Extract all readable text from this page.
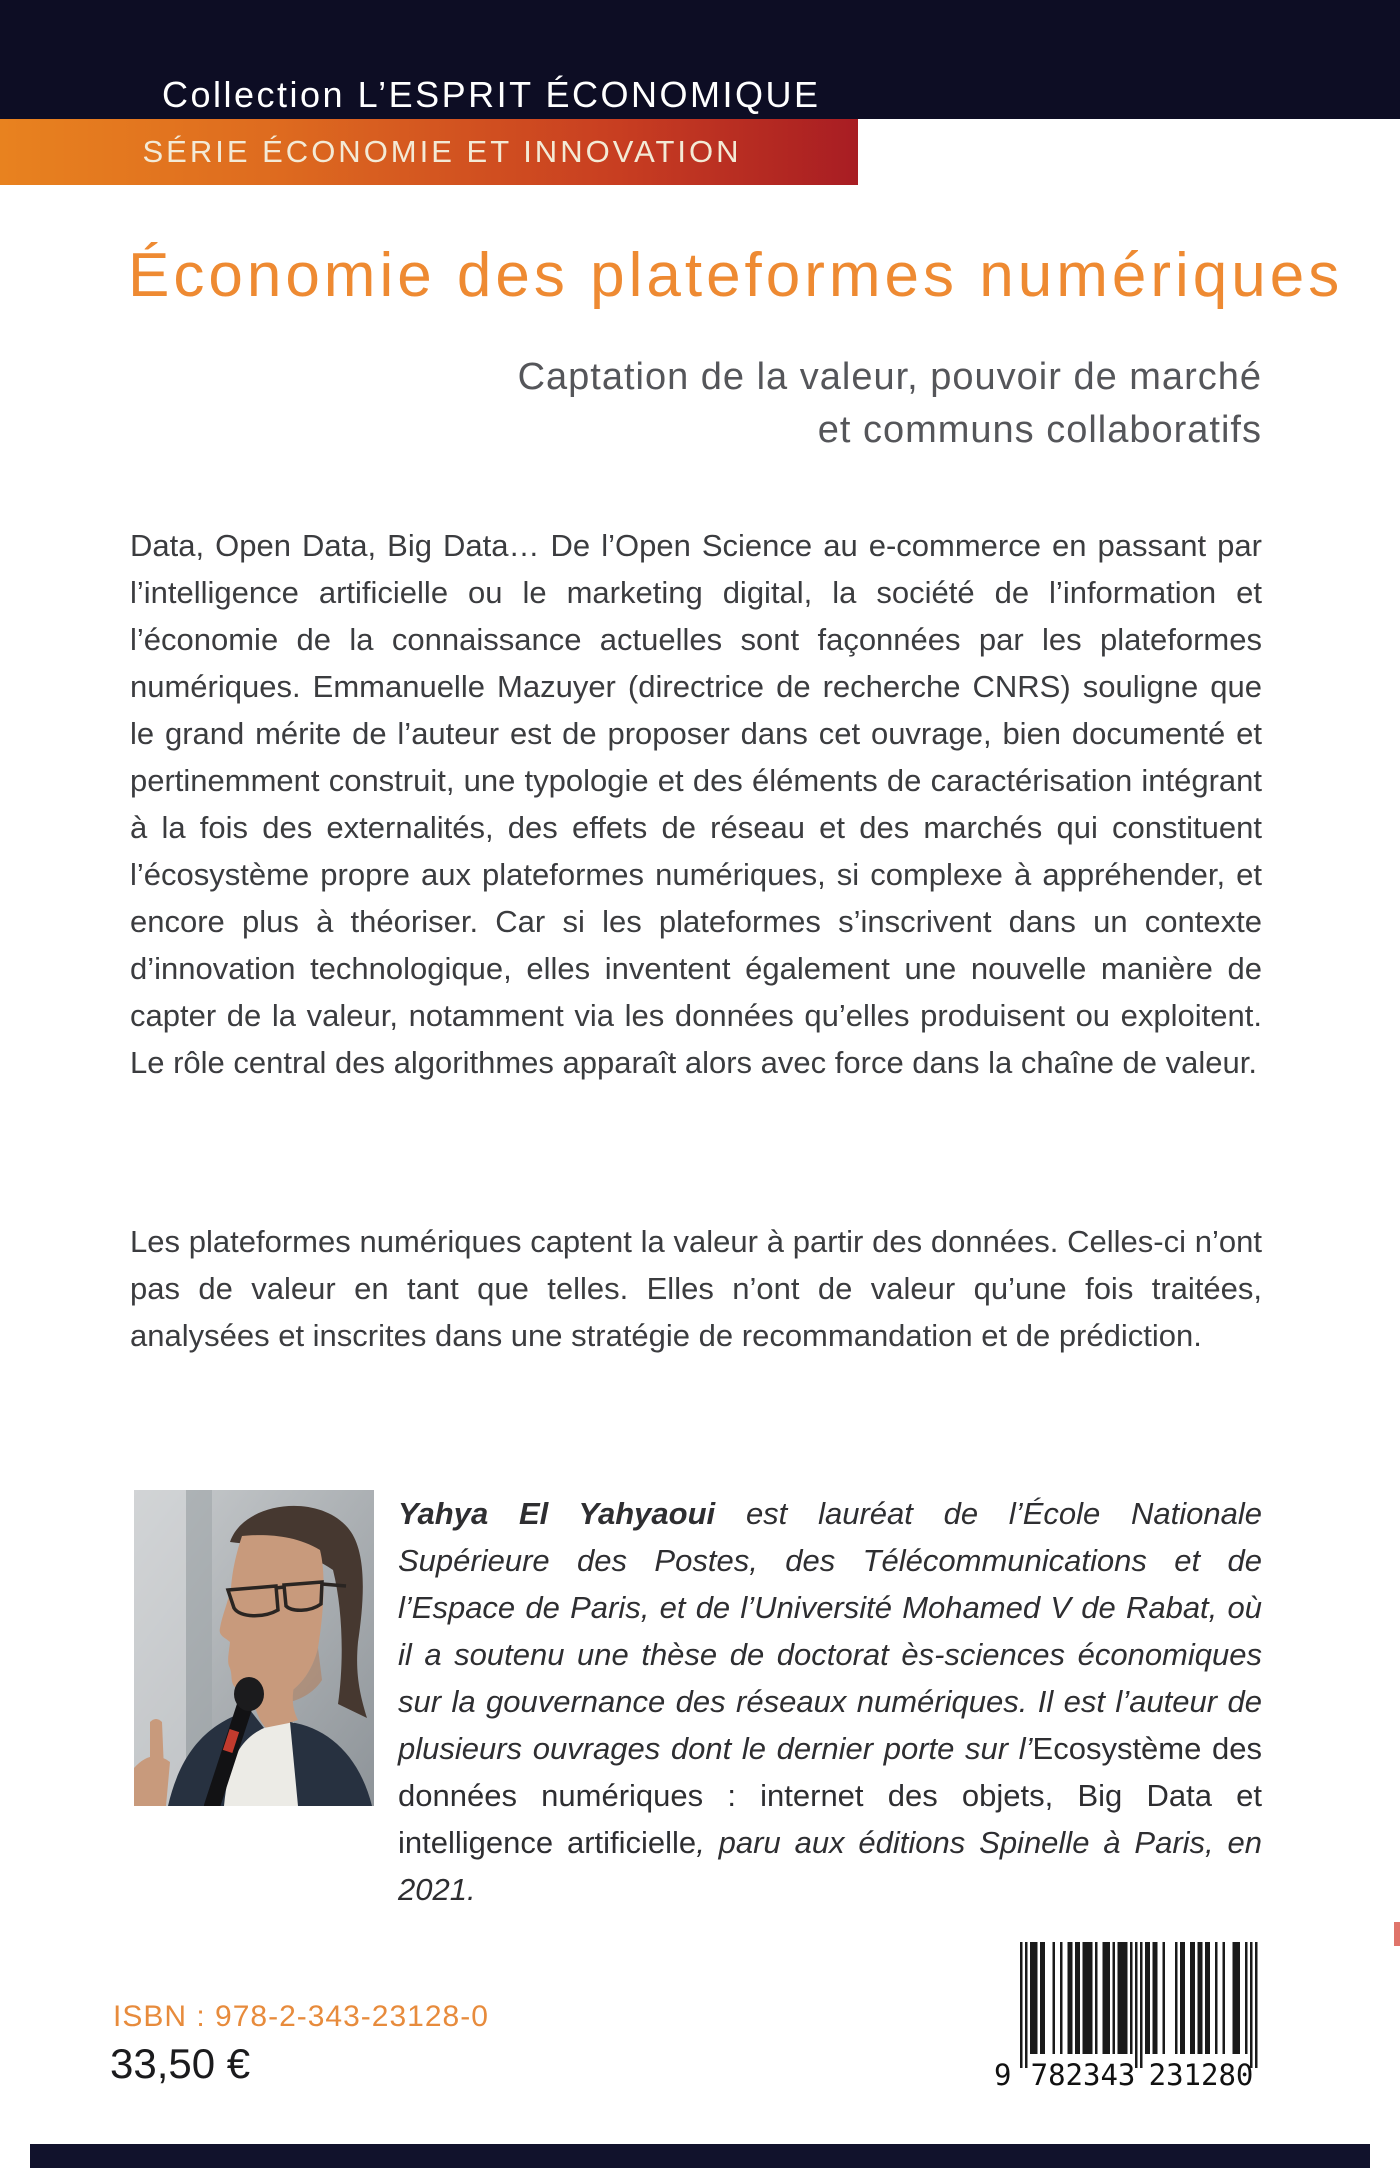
Collection L’ESPRIT ÉCONOMIQUE
SÉRIE ÉCONOMIE ET INNOVATION
Économie des plateformes numériques
Captation de la valeur, pouvoir de marché
et communs collaboratifs
Data, Open Data, Big Data… De l’Open Science au e-commerce en passant par l’intelligence artificielle ou le marketing digital, la société de l’information et l’économie de la connaissance actuelles sont façonnées par les plateformes numériques. Emmanuelle Mazuyer (directrice de recherche CNRS) souligne que le grand mérite de l’auteur est de proposer dans cet ouvrage, bien documenté et pertinemment construit, une typologie et des éléments de caractérisation intégrant à la fois des externalités, des effets de réseau et des marchés qui constituent l’écosystème propre aux plateformes numériques, si complexe à appréhender, et encore plus à théoriser. Car si les plateformes s’inscrivent dans un contexte d’innovation technologique, elles inventent également une nouvelle manière de capter de la valeur, notamment via les données qu’elles produisent ou exploitent. Le rôle central des algorithmes apparaît alors avec force dans la chaîne de valeur.
Les plateformes numériques captent la valeur à partir des données. Celles-ci n’ont pas de valeur en tant que telles. Elles n’ont de valeur qu’une fois traitées, analysées et inscrites dans une stratégie de recommandation et de prédiction.
Yahya El Yahyaoui est lauréat de l’École Nationale Supérieure des Postes, des Télécommunications et de l’Espace de Paris, et de l’Université Mohamed V de Rabat, où il a soutenu une thèse de doctorat ès-sciences économiques sur la gouvernance des réseaux numériques. Il est l’auteur de plusieurs ouvrages dont le dernier porte sur l’Ecosystème des données numériques : internet des objets, Big Data et intelligence artificielle, paru aux éditions Spinelle à Paris, en 2021.
ISBN : 978-2-343-23128-0
33,50 €	9 782343 231280
